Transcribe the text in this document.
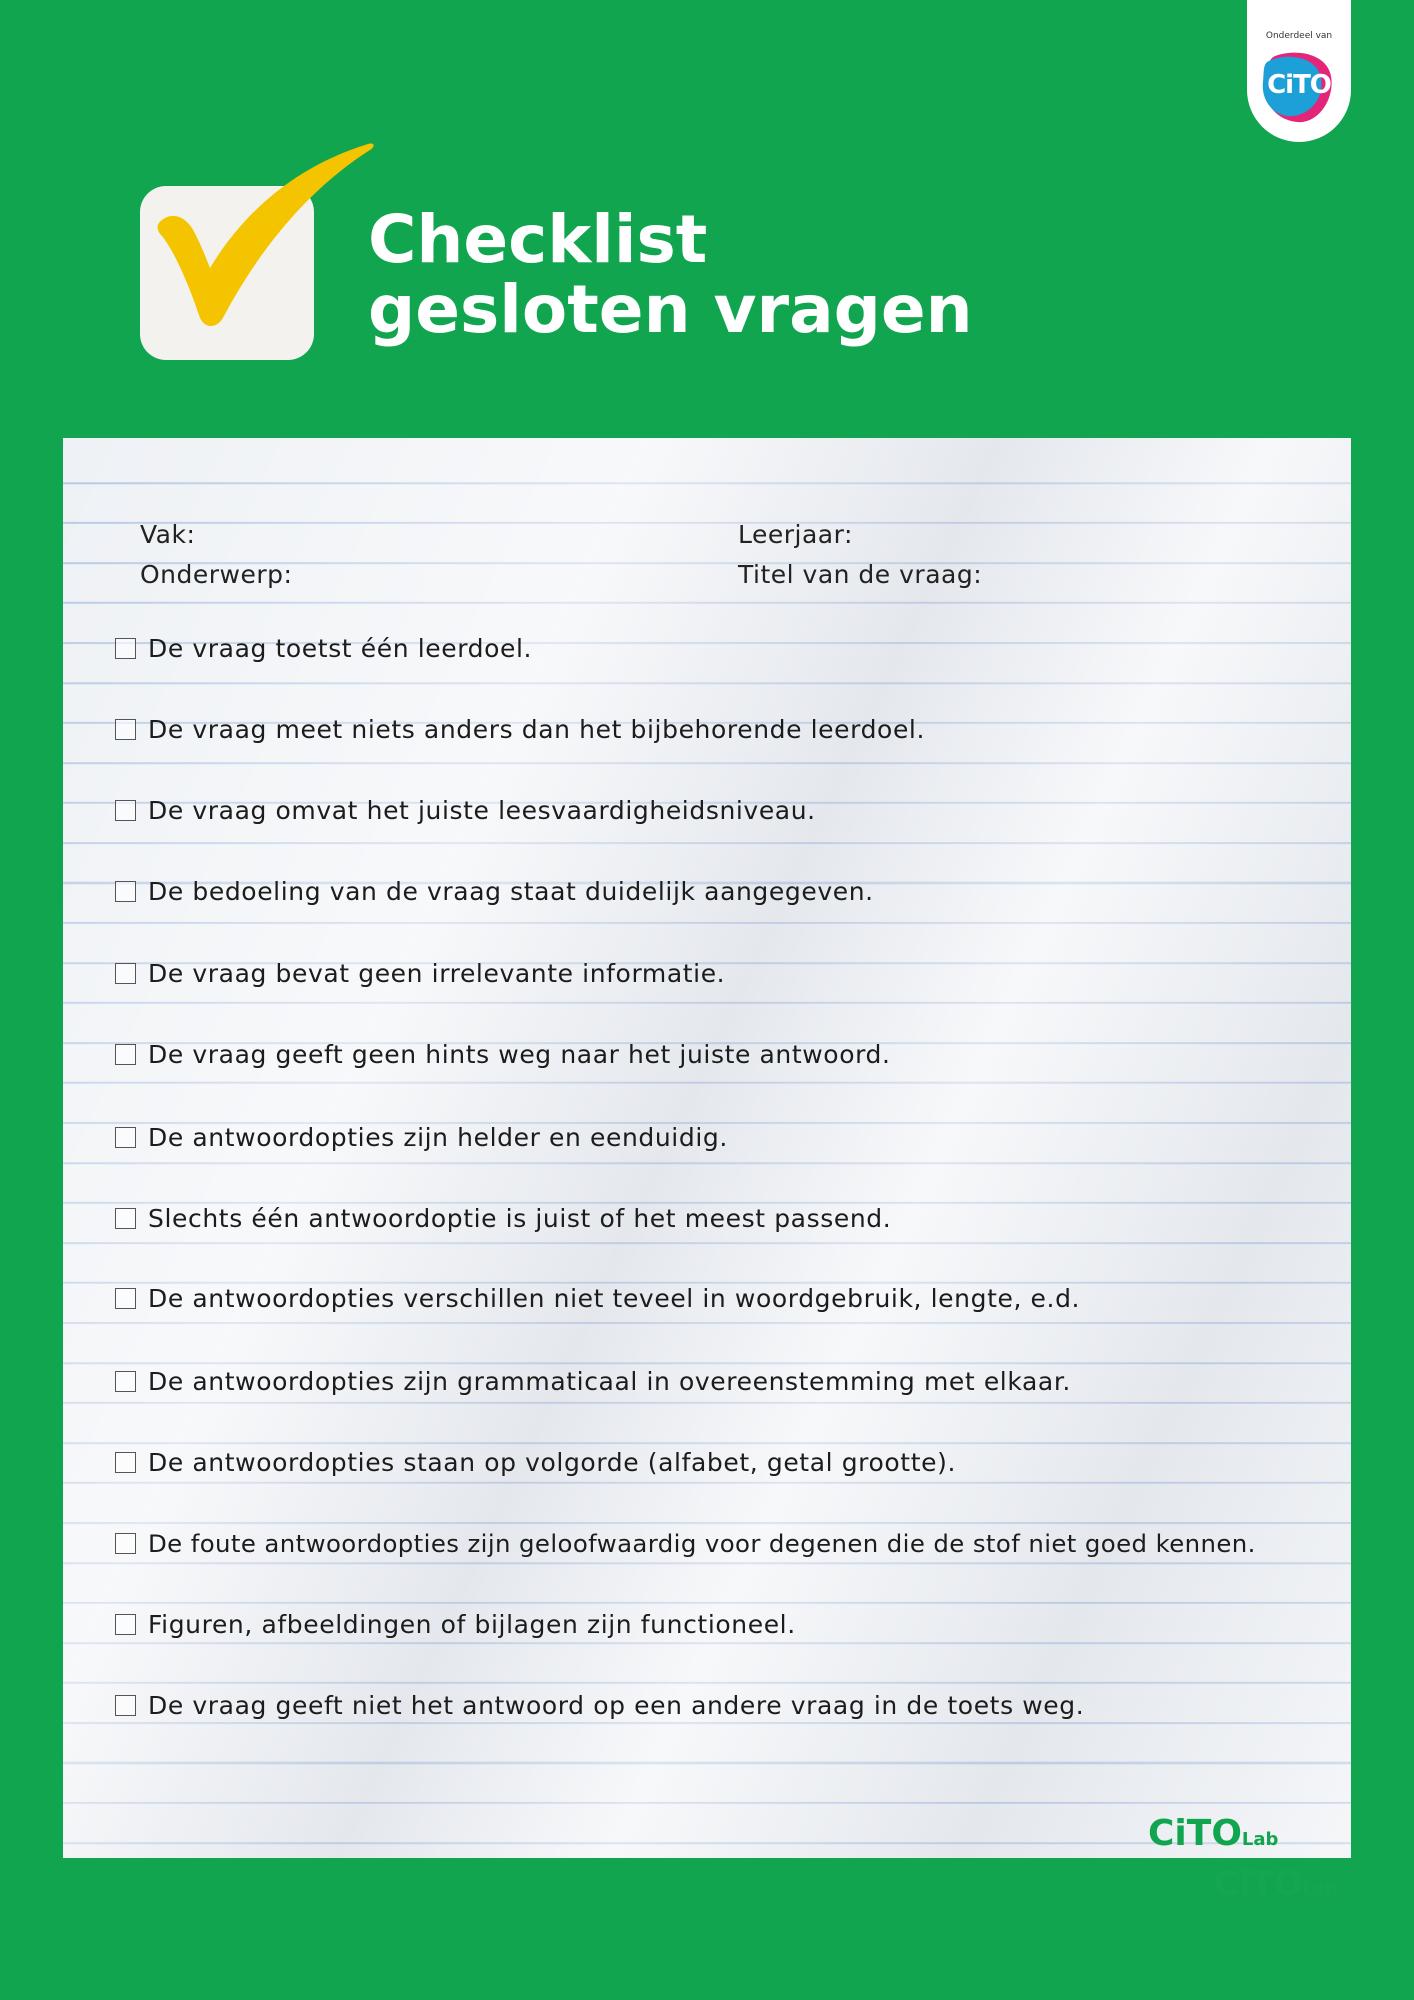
Onderdeel van
CiTO
Checklist
gesloten vragen
Vak:
Onderwerp:
Leerjaar:
Titel van de vraag:
De vraag toetst één leerdoel.
De vraag meet niets anders dan het bijbehorende leerdoel.
De vraag omvat het juiste leesvaardigheidsniveau.
De bedoeling van de vraag staat duidelijk aangegeven.
De vraag bevat geen irrelevante informatie.
De vraag geeft geen hints weg naar het juiste antwoord.
De antwoordopties zijn helder en eenduidig.
Slechts één antwoordoptie is juist of het meest passend.
De antwoordopties verschillen niet teveel in woordgebruik, lengte, e.d.
De antwoordopties zijn grammaticaal in overeenstemming met elkaar.
De antwoordopties staan op volgorde (alfabet, getal grootte).
De foute antwoordopties zijn geloofwaardig voor degenen die de stof niet goed kennen.
Figuren, afbeeldingen of bijlagen zijn functioneel.
De vraag geeft niet het antwoord op een andere vraag in de toets weg.
CiTOLab
CiTOLab
